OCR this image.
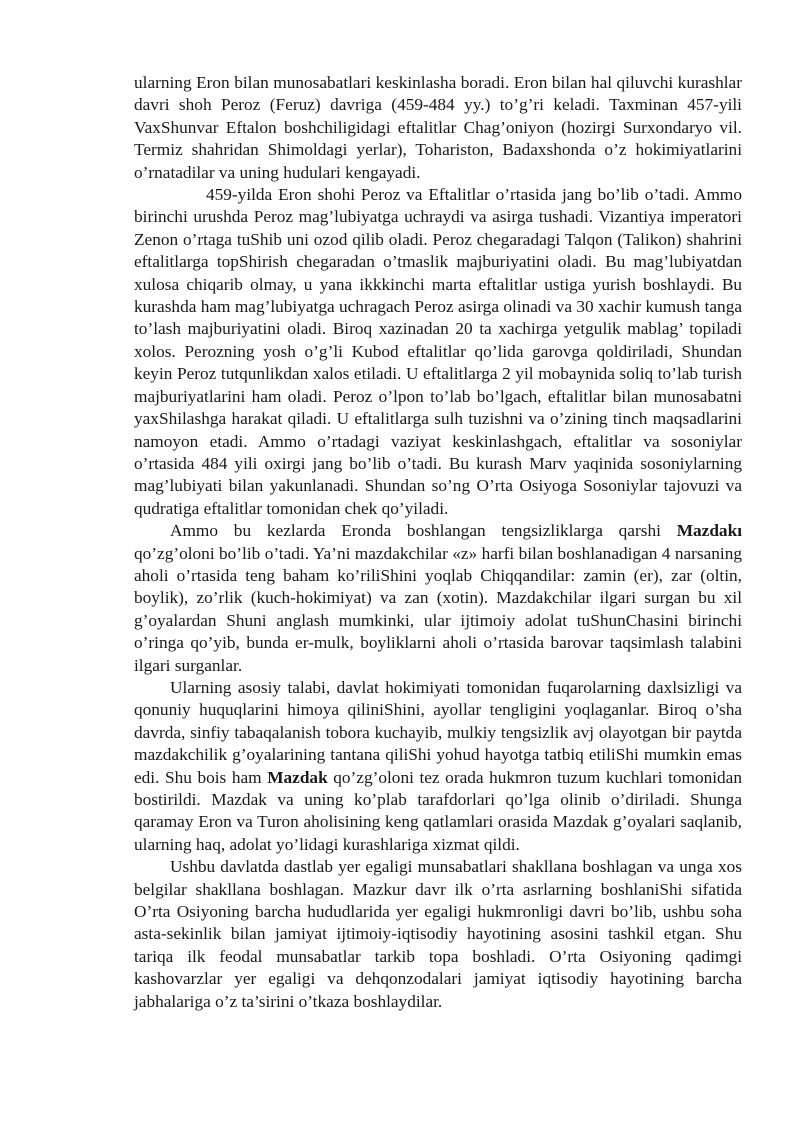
ularning Eron bilan munosabatlari keskinlasha boradi. Eron bilan hal qiluvchi kurashlar davri shoh Peroz (Feruz) davriga (459-484 yy.) to’g’ri keladi. Taxminan 457-yili VaxShunvar Eftalon boshchiligidagi eftalitlar Chag’oniyon (hozirgi Surxondaryo vil. Termiz shahridan Shimoldagi yerlar), Toharistоn, Badaxshonda o’z hokimiyatlarini o’rnatadilar va uning hudulari kengayadi.

459-yilda Eron shohi Peroz va Eftalitlar o’rtasida jang bo’lib o’tadi. Ammo birinchi urushda Peroz mag’lubiyatga uchraydi va asirga tushadi. Vizantiya imperatori Zenon o’rtaga tuShib uni ozod qilib oladi. Peroz chegaradagi Talqon (Talikon) shahrini eftalitlarga topShirish chegaradan o’tmaslik majburiyatini oladi. Bu mag’lubiyatdan xulosa chiqarib olmay, u yana ikkkinchi marta eftalitlar ustiga yurish boshlaydi. Bu kurashda ham mag’lubiyatga uchragach Peroz asirga olinadi va 30 xachir kumush tanga to’lash majburiyatini oladi. Biroq xazinadan 20 ta xachirga yetgulik mablag’ topiladi xolos. Perozning yosh o’g’li Kubod eftalitlar qo’lida garovga qoldiriladi, Shundan keyin Peroz tutqunlikdan xalos etiladi. U eftalitlarga 2 yil mobaynida soliq to’lab turish majburiyatlarini ham oladi. Peroz o’lpon to’lab bo’lgach, eftalitlar bilan munosabatni yaxShilashga harakat qiladi. U eftalitlarga sulh tuzishni va o’zining tinch maqsadlarini namoyon etadi. Ammo o’rtadagi vaziyat keskinlashgach, eftalitlar va sosoniylar o’rtasida 484 yili oxirgi jang bo’lib o’tadi. Bu kurash Marv yaqinida sosoniylarning mag’lubiyati bilan yakunlanadi. Shundan so’ng O’rta Osiyoga Sosoniylar tajovuzi va qudratiga eftalitlar tomonidan chek qo’yiladi.

Ammo bu kezlarda Eronda boshlangan tengsizliklarga qarshi Mazdakı qo’zg’oloni bo’lib o’tadi. Ya’ni mazdakchilar «z» harfi bilan boshlanadigan 4 narsaning aholi o’rtasida teng baham ko’riliShini yoqlab Chiqqandilar: zamin (er), zar (oltin, boylik), zo’rlik (kuch-hokimiyat) va zan (xotin). Mazdakchilar ilgari surgan bu xil g’oyalardan Shuni anglash mumkinki, ular ijtimoiy adolat tuShunChasini birinchi o’ringa qo’yib, bunda er-mulk, boyliklarni aholi o’rtasida barovar taqsimlash talabini ilgari surganlar.

Ularning asosiy talabi, davlat hokimiyati tomonidan fuqarolarning daxlsizligi va qonuniy huquqlarini himoya qiliniShini, ayollar tengligini yoqlaganlar. Biroq o’sha davrda, sinfiy tabaqalanish tobora kuchayib, mulkiy tengsizlik avj olayotgan bir paytda mazdakchilik g’oyalarining tantana qiliShi yohud hayotga tatbiq etiliShi mumkin emas edi. Shu bois ham Mazdak qo’zg’oloni tez orada hukmron tuzum kuchlari tomonidan bostirildi. Mazdak va uning ko’plab tarafdorlari qo’lga olinib o’diriladi. Shunga qaramay Eron va Turon aholisining keng qatlamlari orasida Mazdak g’oyalari saqlanib, ularning haq, adolat yo’lidagi kurashlariga xizmat qildi.

Ushbu davlatda dastlab yer egaligi munsabatlari shakllana boshlagan va unga xos belgilar shakllana boshlagan. Mazkur davr ilk o’rta asrlarning boshlaniShi sifatida O’rta Osiyoning barcha hududlarida yer egaligi hukmronligi davri bo’lib, ushbu soha asta-sekinlik bilan jamiyat ijtimoiy-iqtisodiy hayotining asosini tashkil etgan. Shu tariqa ilk feodal munsabatlar tarkib topa boshladi. O’rta Osiyoning qadimgi kashovarzlar yer egaligi va dehqonzodalari jamiyat iqtisodiy hayotining barcha jabhalariga o’z ta’sirini o’tkaza boshlaydilar.
